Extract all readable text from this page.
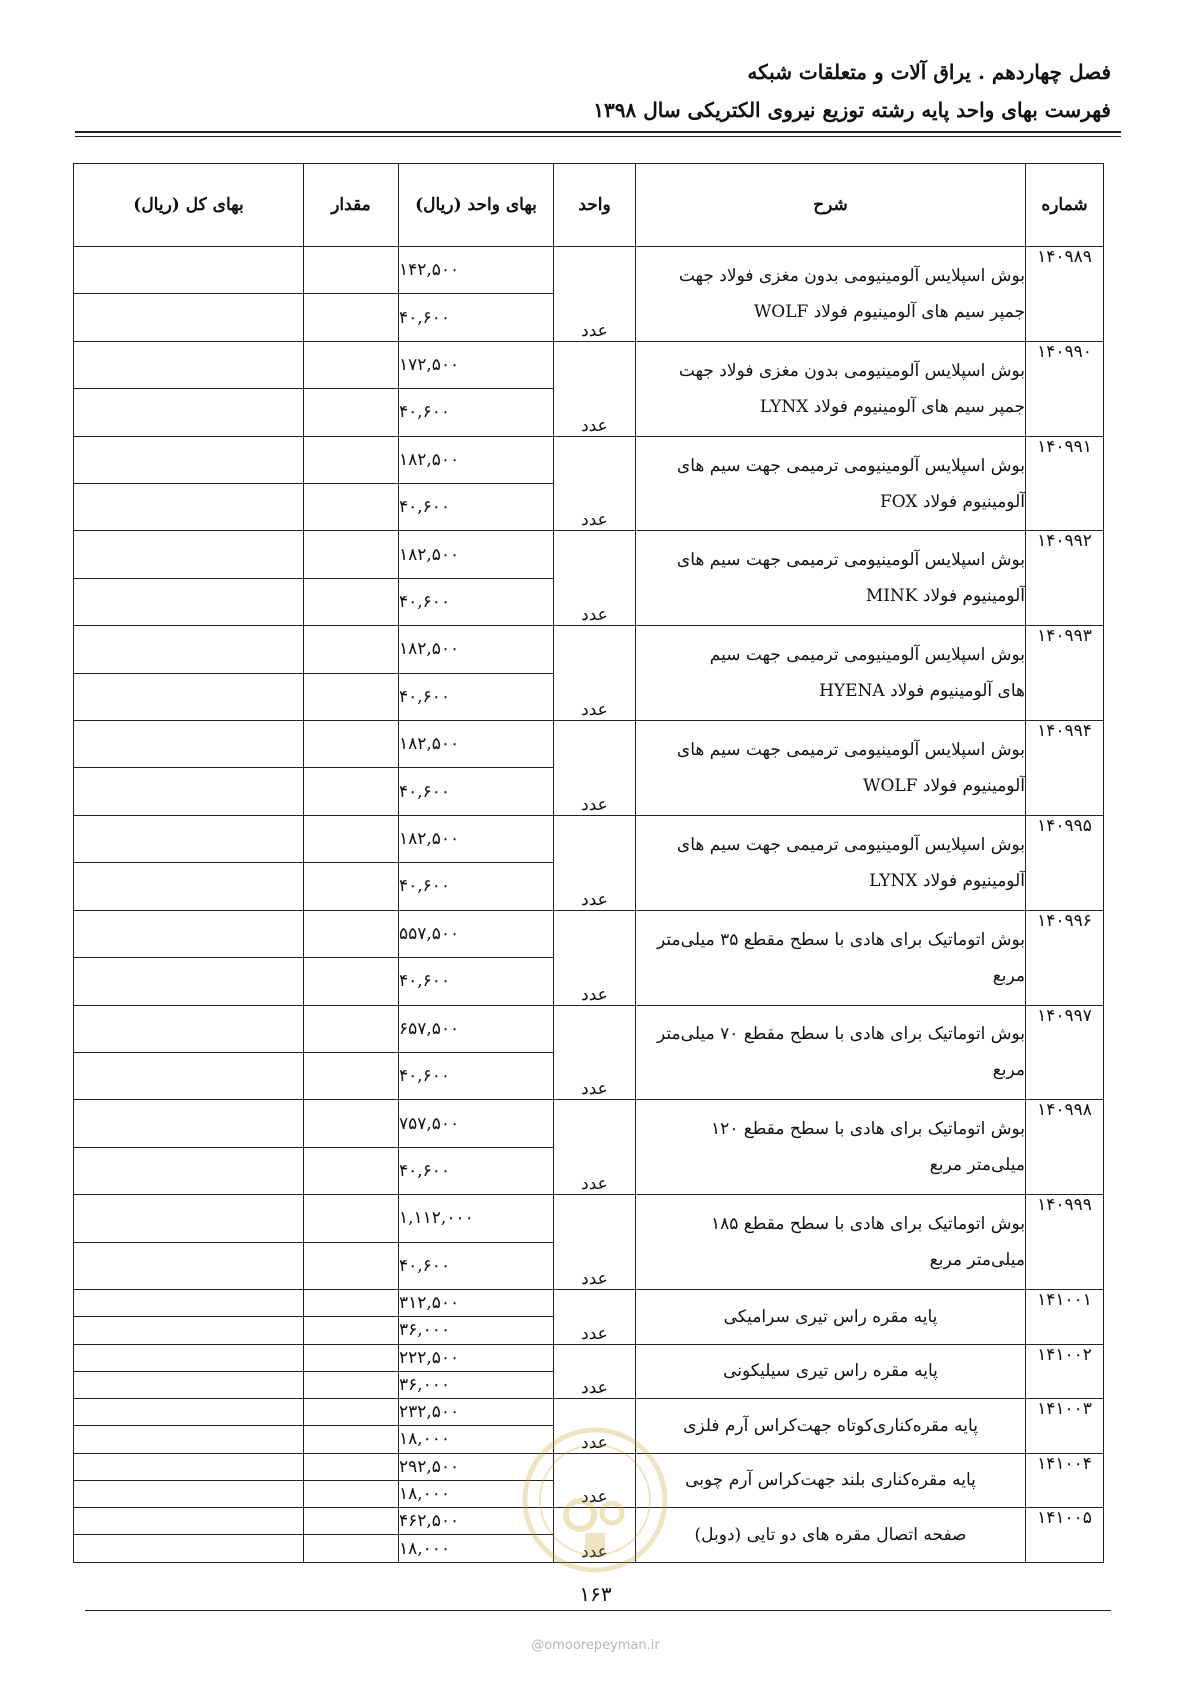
فصل چهاردهم . یراق آلات و متعلقات شبکه
فهرست بهای واحد پایه رشته توزیع نیروی الکتریکی سال ۱۳۹۸
شماره	شرح	واحد	بهای واحد (ریال)	مقدار	بهای کل (ریال)
۱۴۰۹۸۹	بوش اسپلایس آلومینیومی بدون مغزی فولاد جهت
جمپر سیم های آلومینیوم فولاد WOLF	عدد	۱۴۲,۵۰۰		
			۴۰,۶۰۰		
۱۴۰۹۹۰	بوش اسپلایس آلومینیومی بدون مغزی فولاد جهت
جمپر سیم های آلومینیوم فولاد LYNX	عدد	۱۷۲,۵۰۰		
			۴۰,۶۰۰		
۱۴۰۹۹۱	بوش اسپلایس آلومینیومی ترمیمی جهت سیم های
آلومینیوم فولاد FOX	عدد	۱۸۲,۵۰۰		
			۴۰,۶۰۰		
۱۴۰۹۹۲	بوش اسپلایس آلومینیومی ترمیمی جهت سیم های
آلومینیوم فولاد MINK	عدد	۱۸۲,۵۰۰		
			۴۰,۶۰۰		
۱۴۰۹۹۳	بوش اسپلایس آلومینیومی ترمیمی جهت سیم
های آلومینیوم فولاد HYENA	عدد	۱۸۲,۵۰۰		
			۴۰,۶۰۰		
۱۴۰۹۹۴	بوش اسپلایس آلومینیومی ترمیمی جهت سیم های
آلومینیوم فولاد WOLF	عدد	۱۸۲,۵۰۰		
			۴۰,۶۰۰		
۱۴۰۹۹۵	بوش اسپلایس آلومینیومی ترمیمی جهت سیم های
آلومینیوم فولاد LYNX	عدد	۱۸۲,۵۰۰		
			۴۰,۶۰۰		
۱۴۰۹۹۶	بوش اتوماتیک برای هادی با سطح مقطع ۳۵ میلی‌متر
مربع	عدد	۵۵۷,۵۰۰		
			۴۰,۶۰۰		
۱۴۰۹۹۷	بوش اتوماتیک برای هادی با سطح مقطع ۷۰ میلی‌متر
مربع	عدد	۶۵۷,۵۰۰		
			۴۰,۶۰۰		
۱۴۰۹۹۸	بوش اتوماتیک برای هادی با سطح مقطع ۱۲۰
میلی‌متر مربع	عدد	۷۵۷,۵۰۰		
			۴۰,۶۰۰		
۱۴۰۹۹۹	بوش اتوماتیک برای هادی با سطح مقطع ۱۸۵
میلی‌متر مربع	عدد	۱,۱۱۲,۰۰۰		
			۴۰,۶۰۰		
۱۴۱۰۰۱	پایه مقره راس تیری سرامیکی	عدد	۳۱۲,۵۰۰		
			۳۶,۰۰۰		
۱۴۱۰۰۲	پایه مقره راس تیری سیلیکونی	عدد	۲۲۲,۵۰۰		
			۳۶,۰۰۰		
۱۴۱۰۰۳	پایه مقره‌کناری‌کوتاه جهت‌کراس آرم فلزی	عدد	۲۳۲,۵۰۰		
			۱۸,۰۰۰		
۱۴۱۰۰۴	پایه مقره‌کناری بلند جهت‌کراس آرم چوبی	عدد	۲۹۲,۵۰۰		
			۱۸,۰۰۰		
۱۴۱۰۰۵	صفحه اتصال مقره های دو تایی (دوبل)	عدد	۴۶۲,۵۰۰		
			۱۸,۰۰۰		
۱۶۳
@omoorepeyman.ir
